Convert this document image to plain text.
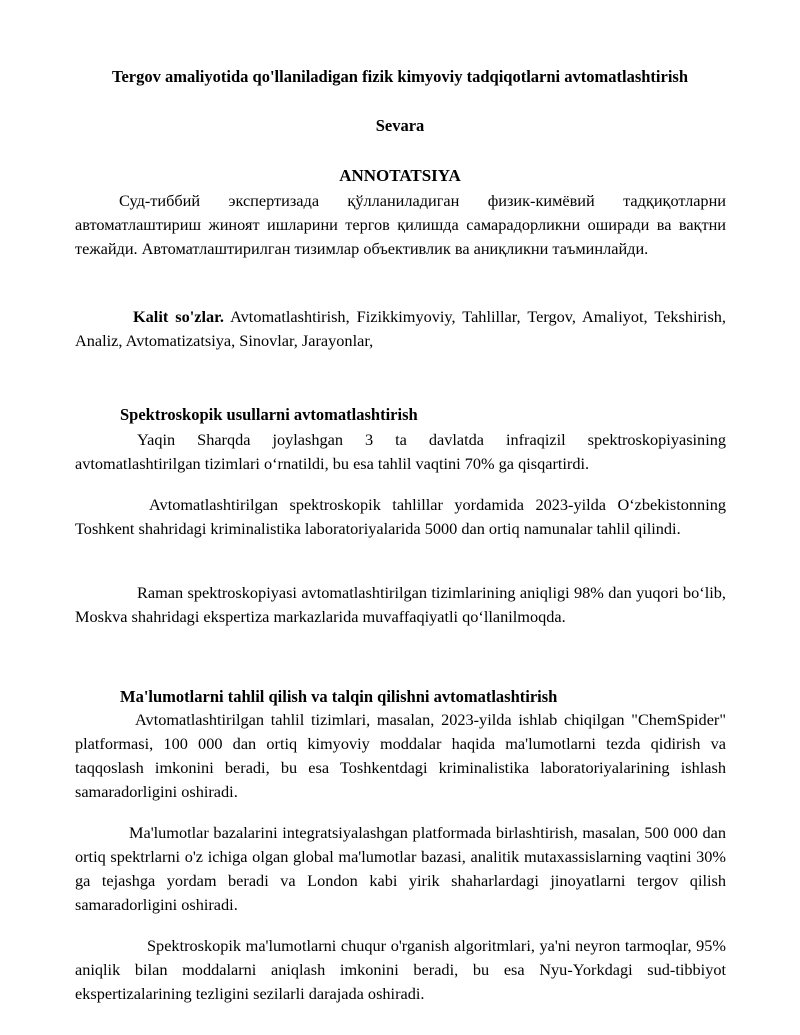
Tergov amaliyotida qo'llaniladigan fizik kimyoviy tadqiqotlarni avtomatlashtirish
Sevara
ANNOTATSIYA

Суд-тиббий экспертизада қўлланиладиган физик-кимёвий тадқиқотларни автоматлаштириш жиноят ишларини тергов қилишда самарадорликни оширади ва вақтни тежайди. Автоматлаштирилган тизимлар объективлик ва аниқликни таъминлайди.

Kalit so'zlar. Avtomatlashtirish, Fizikkimyoviy, Tahlillar, Tergov, Amaliyot, Tekshirish, Analiz, Avtomatizatsiya, Sinovlar, Jarayonlar,

Spektroskopik usullarni avtomatlashtirish

Yaqin Sharqda joylashgan 3 ta davlatda infraqizil spektroskopiyasining avtomatlashtirilgan tizimlari oʻrnatildi, bu esa tahlil vaqtini 70% ga qisqartirdi.

Avtomatlashtirilgan spektroskopik tahlillar yordamida 2023-yilda Oʻzbekistonning Toshkent shahridagi kriminalistika laboratoriyalarida 5000 dan ortiq namunalar tahlil qilindi.

Raman spektroskopiyasi avtomatlashtirilgan tizimlarining aniqligi 98% dan yuqori boʻlib, Moskva shahridagi ekspertiza markazlarida muvaffaqiyatli qoʻllanilmoqda.

Ma'lumotlarni tahlil qilish va talqin qilishni avtomatlashtirish

Avtomatlashtirilgan tahlil tizimlari, masalan, 2023-yilda ishlab chiqilgan "ChemSpider" platformasi, 100 000 dan ortiq kimyoviy moddalar haqida ma'lumotlarni tezda qidirish va taqqoslash imkonini beradi, bu esa Toshkentdagi kriminalistika laboratoriyalarining ishlash samaradorligini oshiradi.

Ma'lumotlar bazalarini integratsiyalashgan platformada birlashtirish, masalan, 500 000 dan ortiq spektrlarni o'z ichiga olgan global ma'lumotlar bazasi, analitik mutaxassislarning vaqtini 30% ga tejashga yordam beradi va London kabi yirik shaharlardagi jinoyatlarni tergov qilish samaradorligini oshiradi.

Spektroskopik ma'lumotlarni chuqur o'rganish algoritmlari, ya'ni neyron tarmoqlar, 95% aniqlik bilan moddalarni aniqlash imkonini beradi, bu esa Nyu-Yorkdagi sud-tibbiyot ekspertizalarining tezligini sezilarli darajada oshiradi.
